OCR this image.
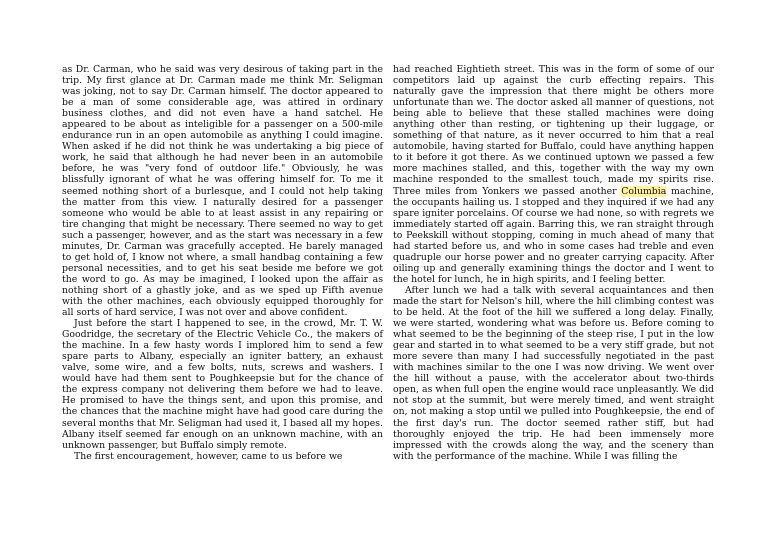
as Dr. Carman, who he said was very desirous of taking part in the trip. My first glance at Dr. Carman made me think Mr. Seligman was joking, not to say Dr. Carman himself. The doctor appeared to be a man of some considerable age, was attired in ordinary business clothes, and did not even have a hand satchel. He appeared to be about as inteligible for a passenger on a 500-mile endurance run in an open automobile as anything I could imagine. When asked if he did not think he was undertaking a big piece of work, he said that although he had never been in an automobile before, he was "very fond of outdoor life." Obviously, he was blissfully ignorant of what he was offering himself for. To me it seemed nothing short of a burlesque, and I could not help taking the matter from this view. I naturally desired for a passenger someone who would be able to at least assist in any repairing or tire changing that might be necessary. There seemed no way to get such a passenger, however, and as the start was necessary in a few minutes, Dr. Carman was gracefully accepted. He barely managed to get hold of, I know not where, a small handbag containing a few personal necessities, and to get his seat beside me before we got the word to go. As may be imagined, I looked upon the affair as nothing short of a ghastly joke, and as we sped up Fifth avenue with the other machines, each obviously equipped thoroughly for all sorts of hard service, I was not over and above confident.

Just before the start I happened to see, in the crowd, Mr. T. W. Goodridge, the secretary of the Electric Vehicle Co., the makers of the machine. In a few hasty words I implored him to send a few spare parts to Albany, especially an igniter battery, an exhaust valve, some wire, and a few bolts, nuts, screws and washers. I would have had them sent to Poughkeepsie but for the chance of the express company not delivering them before we had to leave. He promised to have the things sent, and upon this promise, and the chances that the machine might have had good care during the several months that Mr. Seligman had used it, I based all my hopes. Albany itself seemed far enough on an unknown machine, with an unknown passenger, but Buffalo simply remote.

The first encouragement, however, came to us before we

had reached Eightieth street. This was in the form of some of our competitors laid up against the curb effecting repairs. This naturally gave the impression that there might be others more unfortunate than we. The doctor asked all manner of questions, not being able to believe that these stalled machines were doing anything other than resting, or tightening up their luggage, or something of that nature, as it never occurred to him that a real automobile, having started for Buffalo, could have anything happen to it before it got there. As we continued uptown we passed a few more machines stalled, and this, together with the way my own machine responded to the smallest touch, made my spirits rise. Three miles from Yonkers we passed another Columbia machine, the occupants hailing us. I stopped and they inquired if we had any spare igniter porcelains. Of course we had none, so with regrets we immediately started off again. Barring this, we ran straight through to Peekskill without stopping, coming in much ahead of many that had started before us, and who in some cases had treble and even quadruple our horse power and no greater carrying capacity. After oiling up and generally examining things the doctor and I went to the hotel for lunch, he in high spirits, and I feeling better.

After lunch we had a talk with several acquaintances and then made the start for Nelson's hill, where the hill climbing contest was to be held. At the foot of the hill we suffered a long delay. Finally, we were started, wondering what was before us. Before coming to what seemed to be the beginning of the steep rise, I put in the low gear and started in to what seemed to be a very stiff grade, but not more severe than many I had successfully negotiated in the past with machines similar to the one I was now driving. We went over the hill without a pause, with the accelerator about two-thirds open, as when full open the engine would race unpleasantly. We did not stop at the summit, but were merely timed, and went straight on, not making a stop until we pulled into Poughkeepsie, the end of the first day's run. The doctor seemed rather stiff, but had thoroughly enjoyed the trip. He had been immensely more impressed with the crowds along the way, and the scenery than with the performance of the machine. While I was filling the
